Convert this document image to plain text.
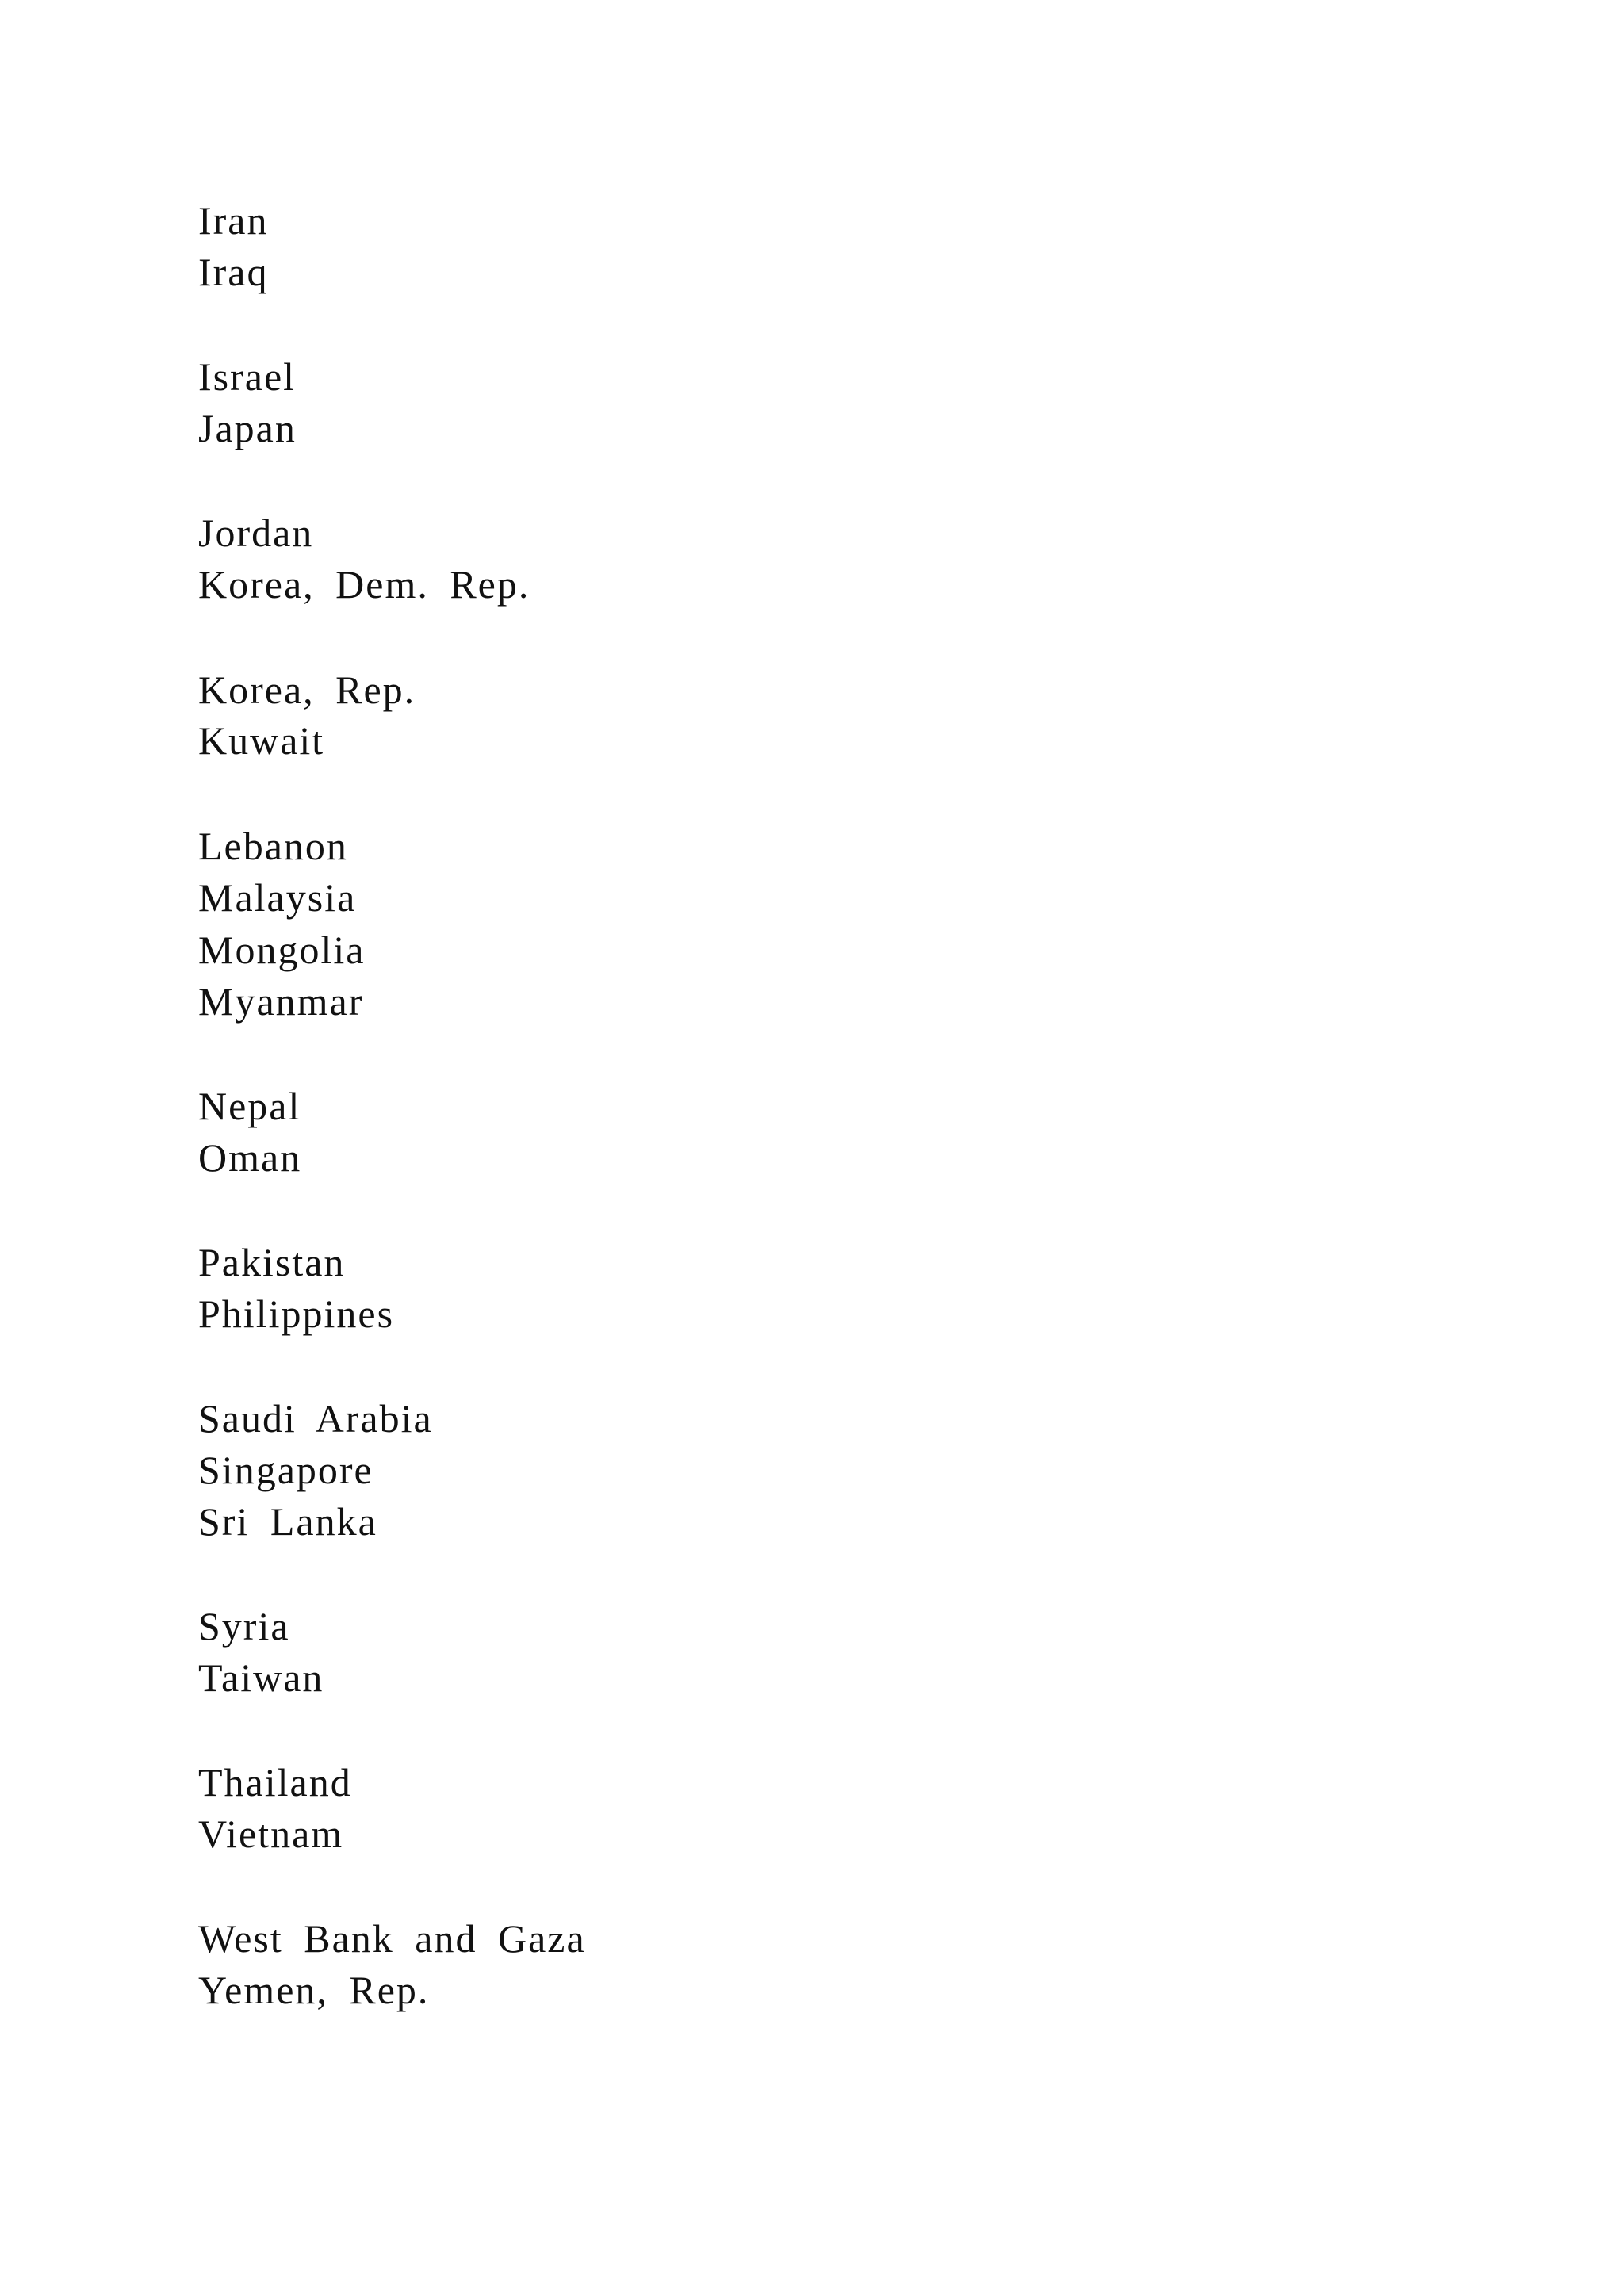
Iran

Iraq

Israel

Japan

Jordan

Korea, Dem. Rep.

Korea, Rep.

Kuwait

Lebanon

Malaysia

Mongolia

Myanmar

Nepal

Oman

Pakistan

Philippines

Saudi Arabia

Singapore

Sri Lanka

Syria

Taiwan

Thailand

Vietnam

West Bank and Gaza

Yemen, Rep.
